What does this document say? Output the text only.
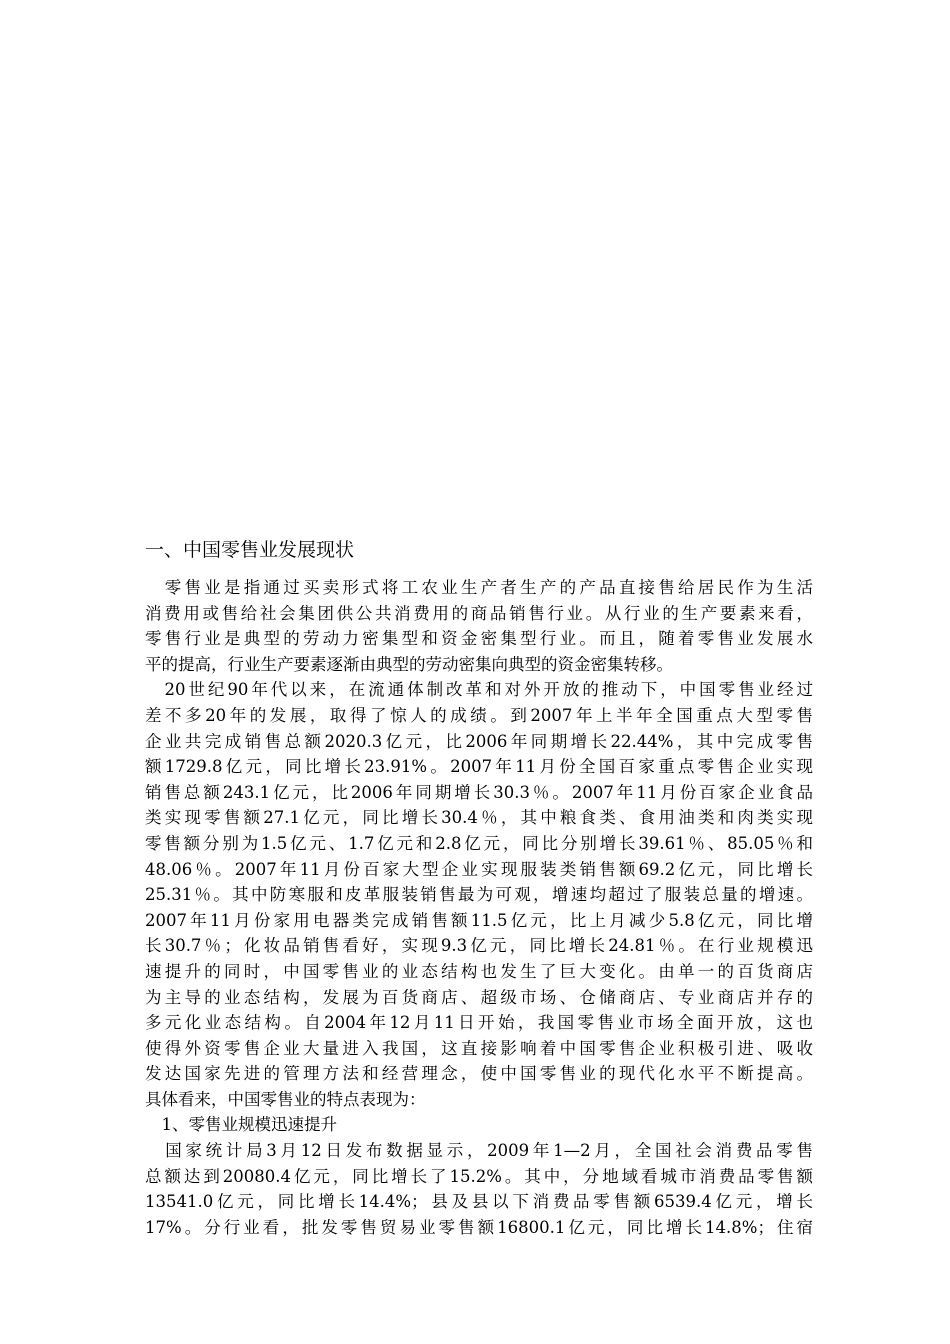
一、中国零售业发展现状
　零售业是指通过买卖形式将工农业生产者生产的产品直接售给居民作为生活
消费用或售给社会集团供公共消费用的商品销售行业。从行业的生产要素来看，
零售行业是典型的劳动力密集型和资金密集型行业。而且，随着零售业发展水
平的提高，行业生产要素逐渐由典型的劳动密集向典型的资金密集转移。
　20世纪90年代以来，在流通体制改革和对外开放的推动下，中国零售业经过
差不多20年的发展，取得了惊人的成绩。到2007年上半年全国重点大型零售
企业共完成销售总额2020.3亿元，比2006年同期增长22.44%，其中完成零售
额1729.8亿元，同比增长23.91%。2007年11月份全国百家重点零售企业实现
销售总额243.1亿元，比2006年同期增长30.3％。2007年11月份百家企业食品
类实现零售额27.1亿元，同比增长30.4％，其中粮食类、食用油类和肉类实现
零售额分别为1.5亿元、1.7亿元和2.8亿元，同比分别增长39.61％、85.05％和
48.06％。2007年11月份百家大型企业实现服装类销售额69.2亿元，同比增长
25.31％。其中防寒服和皮革服装销售最为可观，增速均超过了服装总量的增速。
2007年11月份家用电器类完成销售额11.5亿元，比上月减少5.8亿元，同比增
长30.7％；化妆品销售看好，实现9.3亿元，同比增长24.81％。在行业规模迅
速提升的同时，中国零售业的业态结构也发生了巨大变化。由单一的百货商店
为主导的业态结构，发展为百货商店、超级市场、仓储商店、专业商店并存的
多元化业态结构。自2004年12月11日开始，我国零售业市场全面开放，这也
使得外资零售企业大量进入我国，这直接影响着中国零售企业积极引进、吸收
发达国家先进的管理方法和经营理念，使中国零售业的现代化水平不断提高。
具体看来，中国零售业的特点表现为：
　1、零售业规模迅速提升
　国家统计局3月12日发布数据显示，2009年1—2月，全国社会消费品零售
总额达到20080.4亿元，同比增长了15.2%。其中，分地域看城市消费品零售额
13541.0亿元，同比增长14.4%；县及县以下消费品零售额6539.4亿元，增长
17%。分行业看，批发零售贸易业零售额16800.1亿元，同比增长14.8%；住宿
